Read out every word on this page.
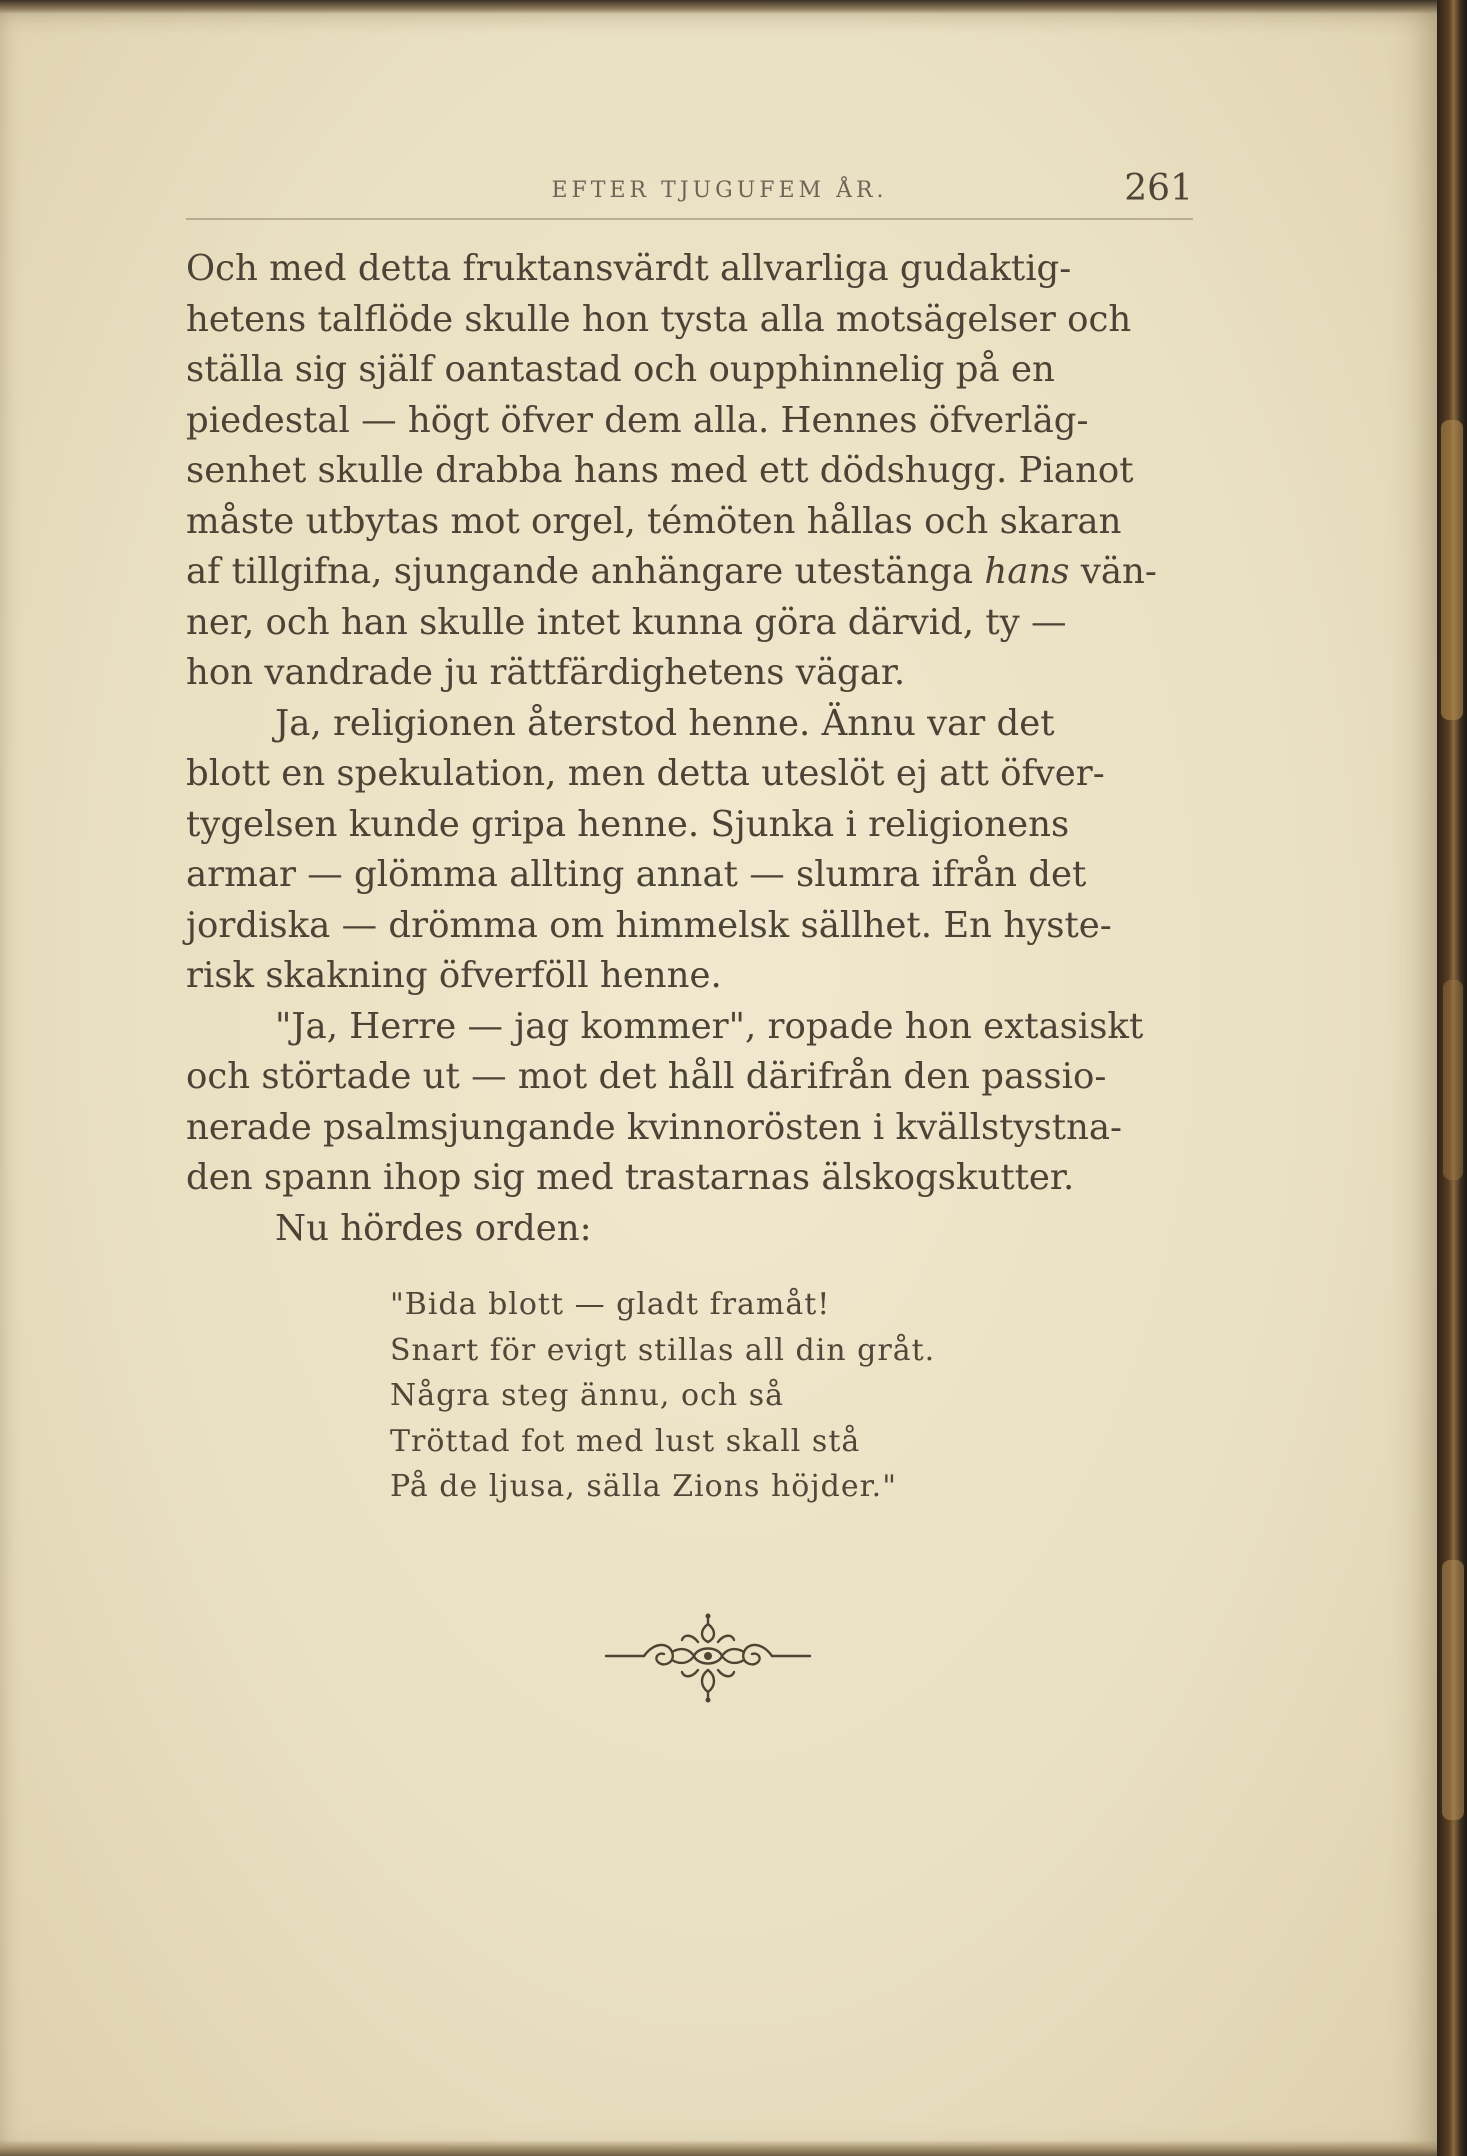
EFTER TJUGUFEM ÅR.	261
Och med detta fruktansvärdt allvarliga gudaktig-
hetens talflöde skulle hon tysta alla motsägelser och
ställa sig själf oantastad och oupphinnelig på en
piedestal — högt öfver dem alla. Hennes öfverläg-
senhet skulle drabba hans med ett dödshugg. Pianot
måste utbytas mot orgel, témöten hållas och skaran
af tillgifna, sjungande anhängare utestänga hans vän-
ner, och han skulle intet kunna göra därvid, ty —
hon vandrade ju rättfärdighetens vägar.
Ja, religionen återstod henne. Ännu var det
blott en spekulation, men detta uteslöt ej att öfver-
tygelsen kunde gripa henne. Sjunka i religionens
armar — glömma allting annat — slumra ifrån det
jordiska — drömma om himmelsk sällhet. En hyste-
risk skakning öfverföll henne.
"Ja, Herre — jag kommer", ropade hon extasiskt
och störtade ut — mot det håll därifrån den passio-
nerade psalmsjungande kvinnorösten i kvällstystna-
den spann ihop sig med trastarnas älskogskutter.
Nu hördes orden:
"Bida blott — gladt framåt!
Snart för evigt stillas all din gråt.
Några steg ännu, och så
Tröttad fot med lust skall stå
På de ljusa, sälla Zions höjder."
